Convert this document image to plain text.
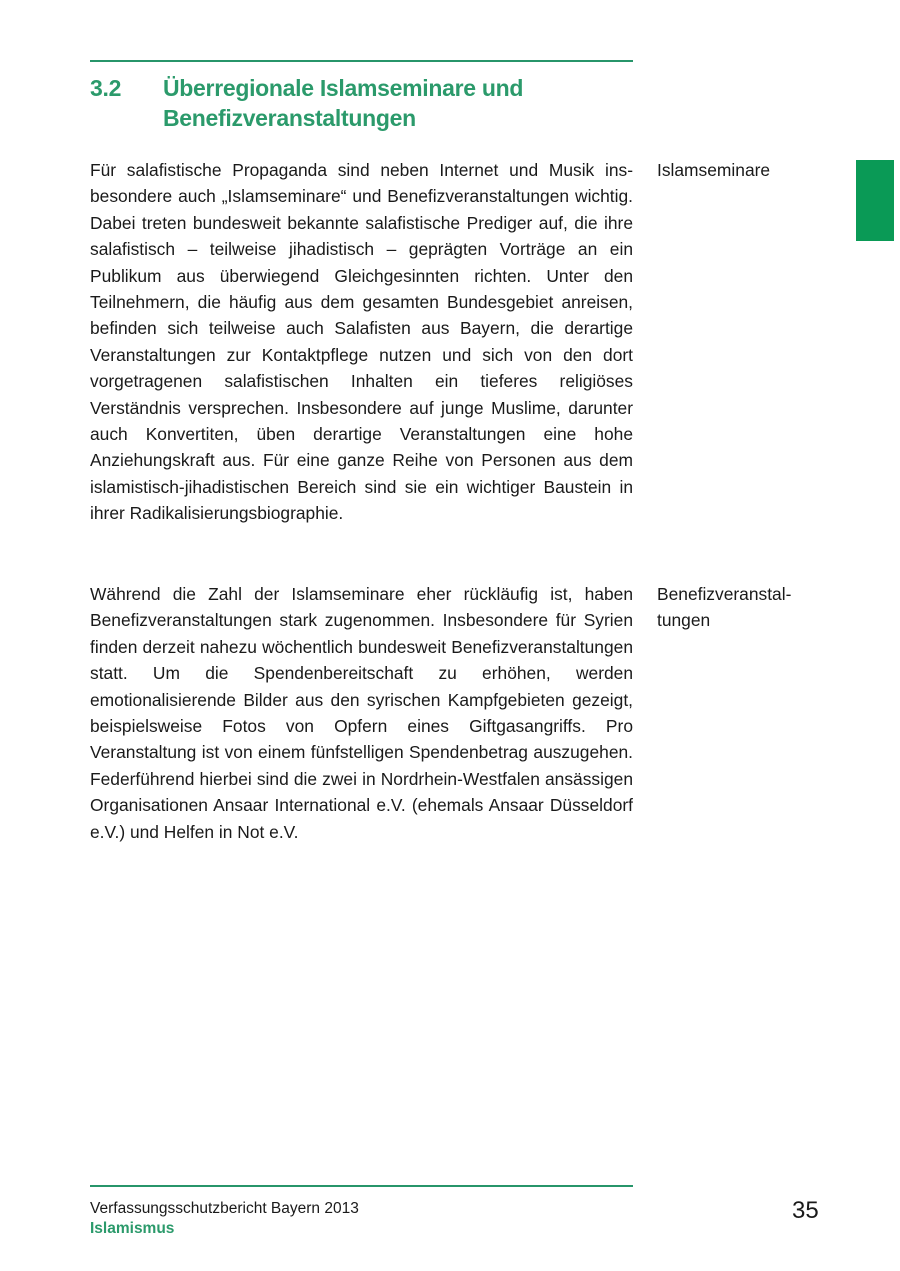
3.2 Überregionale Islamseminare und Benefizveranstaltungen

Für salafistische Propaganda sind neben Internet und Musik insbesondere auch „Islamseminare“ und Benefizveranstaltungen wichtig. Dabei treten bundesweit bekannte salafistische Prediger auf, die ihre salafistisch – teilweise jihadistisch – geprägten Vorträge an ein Publikum aus überwiegend Gleichgesinnten richten. Unter den Teilnehmern, die häufig aus dem gesamten Bundesgebiet anreisen, befinden sich teilweise auch Salafisten aus Bayern, die derartige Veranstaltungen zur Kontaktpflege nutzen und sich von den dort vorgetragenen salafistischen Inhalten ein tieferes religiöses Verständnis versprechen. Insbesondere auf junge Muslime, darunter auch Konvertiten, üben derartige Veranstaltungen eine hohe Anziehungskraft aus. Für eine ganze Reihe von Personen aus dem islamistisch-jihadistischen Bereich sind sie ein wichtiger Baustein in ihrer Radikalisierungsbiographie.

Islamseminare

Während die Zahl der Islamseminare eher rückläufig ist, haben Benefizveranstaltungen stark zugenommen. Insbesondere für Syrien finden derzeit nahezu wöchentlich bundesweit Benefizveranstaltungen statt. Um die Spendenbereitschaft zu erhöhen, werden emotionalisierende Bilder aus den syrischen Kampfgebieten gezeigt, beispielsweise Fotos von Opfern eines Giftgasangriffs. Pro Veranstaltung ist von einem fünfstelligen Spendenbetrag auszugehen. Federführend hierbei sind die zwei in Nordrhein-Westfalen ansässigen Organisationen Ansaar International e.V. (ehemals Ansaar Düsseldorf e.V.) und Helfen in Not e.V.

Benefizveranstaltungen
Verfassungsschutzbericht Bayern 2013
Islamismus
35
